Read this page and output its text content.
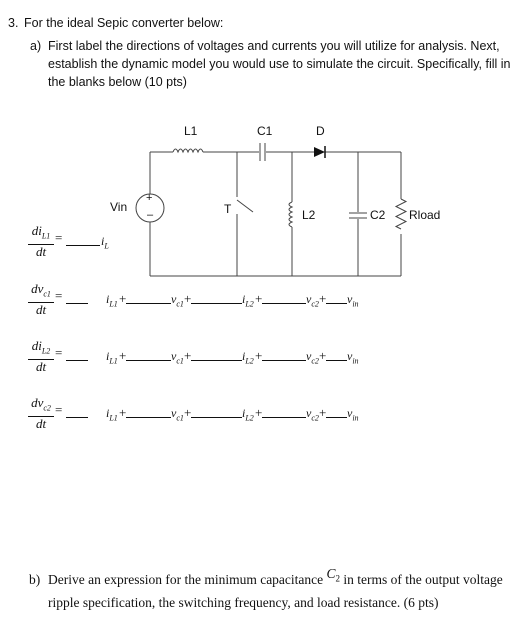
3. For the ideal Sepic converter below:
a) First label the directions of voltages and currents you will utilize for analysis. Next,
establish the dynamic model you would use to simulate the circuit. Specifically, fill in
the blanks below (10 pts)
L1	C1	D
Vin
+
–	T	L2	C2 Rload
$di_{L1}$
dt
=	$i_L$
$dv_{c1}$
dt
=	$i_{L1}$ +	$v_{c1}$ +	$i_{L2}$ +	$v_{c2} + v_{in}$
$di_{L2}$
dt
=	$i_{L1}$ +	$v_{c1}$ +	$i_{L2}$ +	$v_{c2} + v_{in}$
$dv_{c2}$
dt
=	$i_{L1}$ +	$v_{c1}$ +	$i_{L2}$ +	$v_{c2} + v_{in}$
b) Derive an expression for the minimum capacitance $C_2$ in terms of the output voltage
ripple specification, the switching frequency, and load resistance. (6 pts)
